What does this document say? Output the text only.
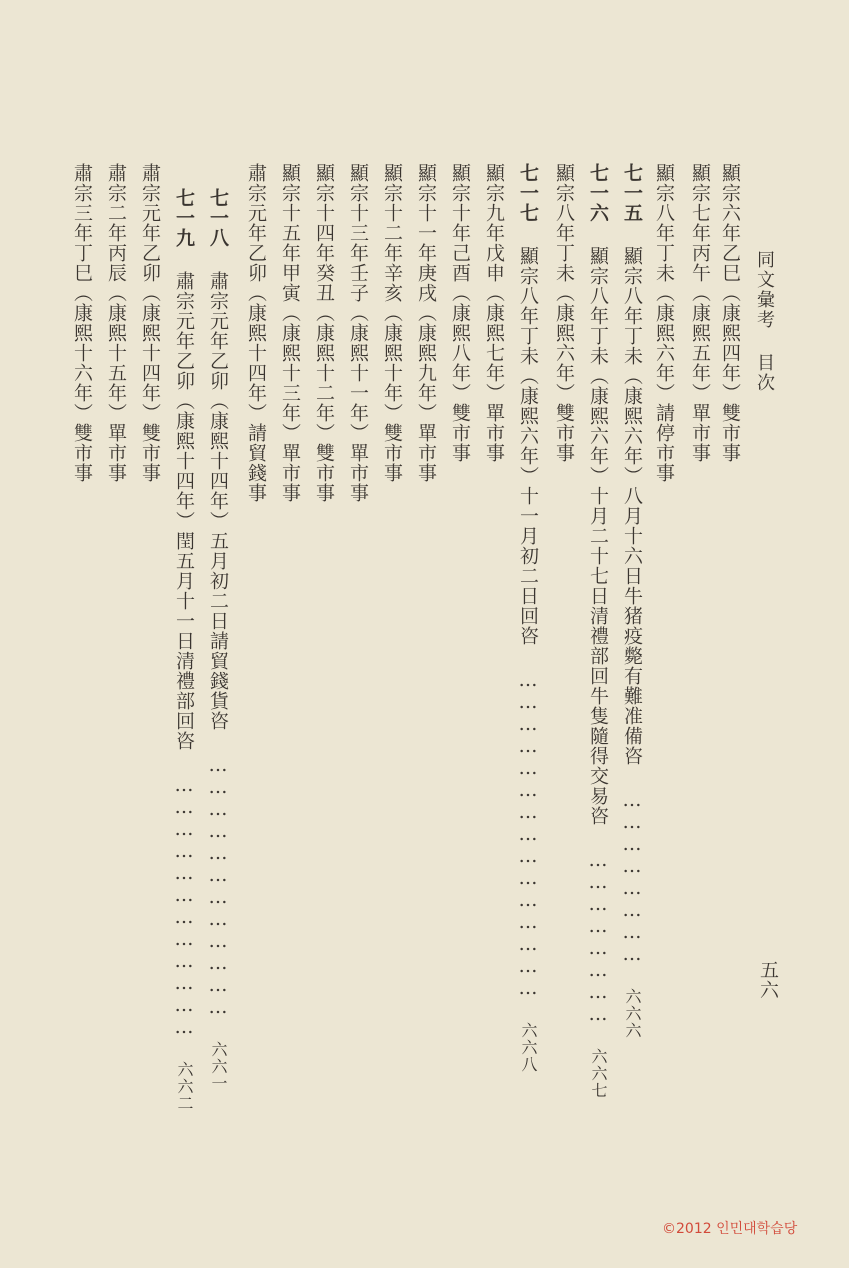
同文彙考 目次
五六
顯宗六年乙巳（康熙四年）雙市事
顯宗七年丙午（康熙五年）單市事
顯宗八年丁未（康熙六年）請停市事
七一五 顯宗八年丁未（康熙六年）八月十六日牛猪疫斃有難准備咨 …………………… 六六六
七一六 顯宗八年丁未（康熙六年）十月二十七日清禮部回牛隻隨得交易咨 …………………… 六六七
顯宗八年丁未（康熙六年）雙市事
七一七 顯宗八年丁未（康熙六年）十一月初二日回咨 ……………………………………… 六六八
顯宗九年戊申（康熙七年）單市事
顯宗十年己酉（康熙八年）雙市事
顯宗十一年庚戌（康熙九年）單市事
顯宗十二年辛亥（康熙十年）雙市事
顯宗十三年壬子（康熙十一年）單市事
顯宗十四年癸丑（康熙十二年）雙市事
顯宗十五年甲寅（康熙十三年）單市事
肅宗元年乙卯（康熙十四年）請貿錢事
七一八 肅宗元年乙卯（康熙十四年）五月初二日請貿錢貨咨 ……………………………… 六六一
七一九 肅宗元年乙卯（康熙十四年）閏五月十一日清禮部回咨 ……………………………… 六六二
肅宗元年乙卯（康熙十四年）雙市事
肅宗二年丙辰（康熙十五年）單市事
肅宗三年丁巳（康熙十六年）雙市事
©2012 인민대학습당
